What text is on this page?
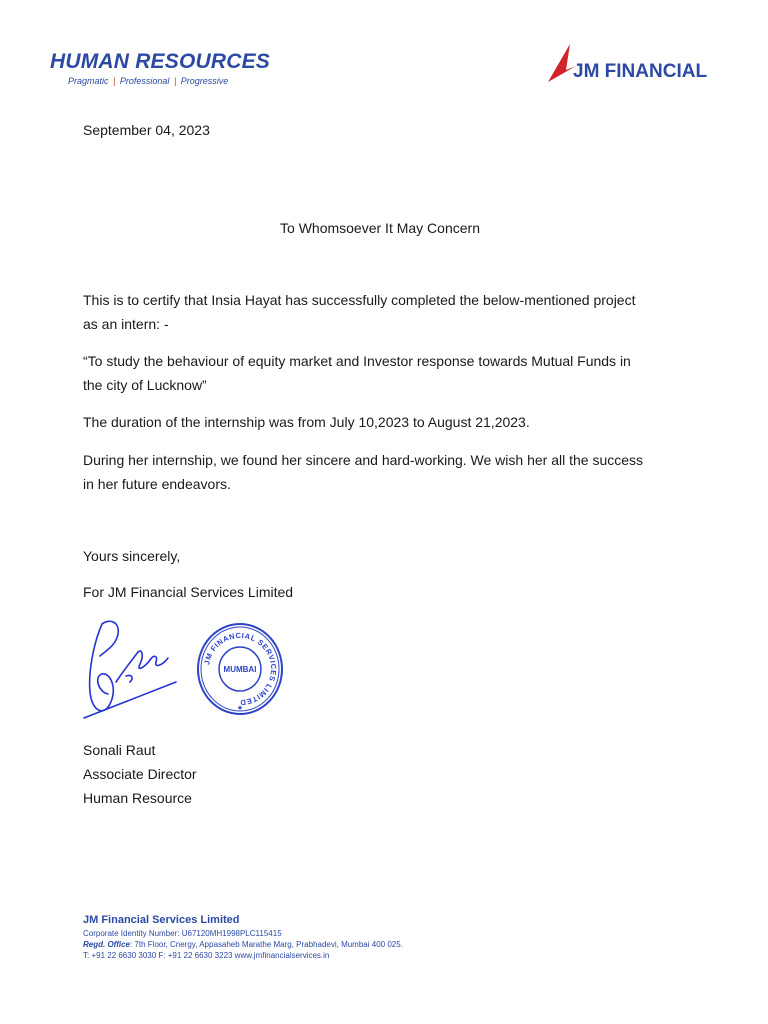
HUMAN RESOURCES
Pragmatic | Professional | Progressive	JM FINANCIAL
September 04, 2023
To Whomsoever It May Concern
This is to certify that Insia Hayat has successfully completed the below-mentioned project
as an intern: -
“To study the behaviour of equity market and Investor response towards Mutual Funds in
the city of Lucknow”
The duration of the internship was from July 10,2023 to August 21,2023.
During her internship, we found her sincere and hard-working. We wish her all the success
in her future endeavors.
Yours sincerely,
For JM Financial Services Limited
JM FINANCIAL SERVICES LIMITED
MUMBAI
★
Sonali Raut
Associate Director
Human Resource
JM Financial Services Limited
Corporate Identity Number: U67120MH1998PLC115415
Regd. Office: 7th Floor, Cnergy, Appasaheb Marathe Marg, Prabhadevi, Mumbai 400 025.
T: +91 22 6630 3030 F: +91 22 6630 3223 www.jmfinancialservices.in
